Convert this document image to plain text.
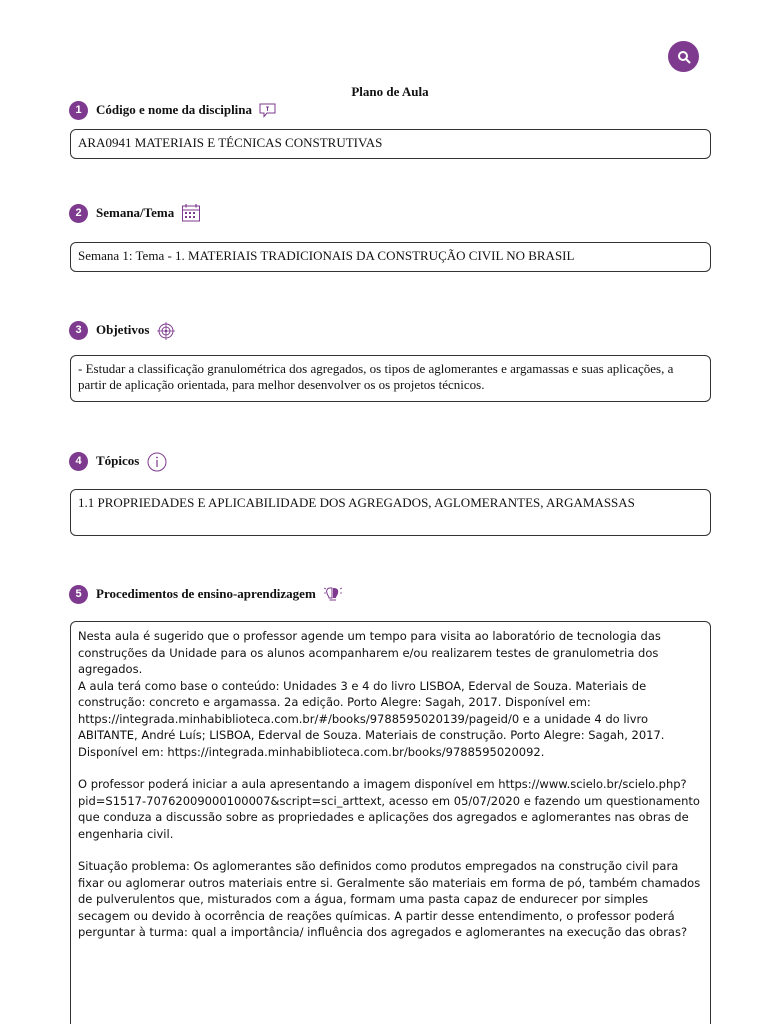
Plano de Aula
1	Código e nome da disciplina
ARA0941 MATERIAIS E TÉCNICAS CONSTRUTIVAS
2	Semana/Tema
Semana 1: Tema - 1. MATERIAIS TRADICIONAIS DA CONSTRUÇÃO CIVIL NO BRASIL
3	Objetivos
- Estudar a classificação granulométrica dos agregados, os tipos de aglomerantes e argamassas e suas aplicações, a partir de aplicação orientada, para melhor desenvolver os os projetos técnicos.
4	Tópicos
1.1 PROPRIEDADES E APLICABILIDADE DOS AGREGADOS, AGLOMERANTES, ARGAMASSAS
5	Procedimentos de ensino-aprendizagem

Nesta aula é sugerido que o professor agende um tempo para visita ao laboratório de tecnologia das construções da Unidade para os alunos acompanharem e/ou realizarem testes de granulometria dos agregados.

A aula terá como base o conteúdo: Unidades 3 e 4 do livro LISBOA, Ederval de Souza. Materiais de construção: concreto e argamassa. 2a edição. Porto Alegre: Sagah, 2017. Disponível em: https://integrada.minhabiblioteca.com.br/#/books/9788595020139/pageid/0 e a unidade 4 do livro ABITANTE, André Luís; LISBOA, Ederval de Souza. Materiais de construção. Porto Alegre: Sagah, 2017. Disponível em: https://integrada.minhabiblioteca.com.br/books/9788595020092.

O professor poderá iniciar a aula apresentando a imagem disponível em https://www.scielo.br/scielo.php?pid=S1517-70762009000100007&script=sci_arttext, acesso em 05/07/2020 e fazendo um questionamento que conduza a discussão sobre as propriedades e aplicações dos agregados e aglomerantes nas obras de engenharia civil.

Situação problema: Os aglomerantes são definidos como produtos empregados na construção civil para fixar ou aglomerar outros materiais entre si. Geralmente são materiais em forma de pó, também chamados de pulverulentos que, misturados com a água, formam uma pasta capaz de endurecer por simples secagem ou devido à ocorrência de reações químicas. A partir desse entendimento, o professor poderá perguntar à turma: qual a importância/ influência dos agregados e aglomerantes na execução das obras?
